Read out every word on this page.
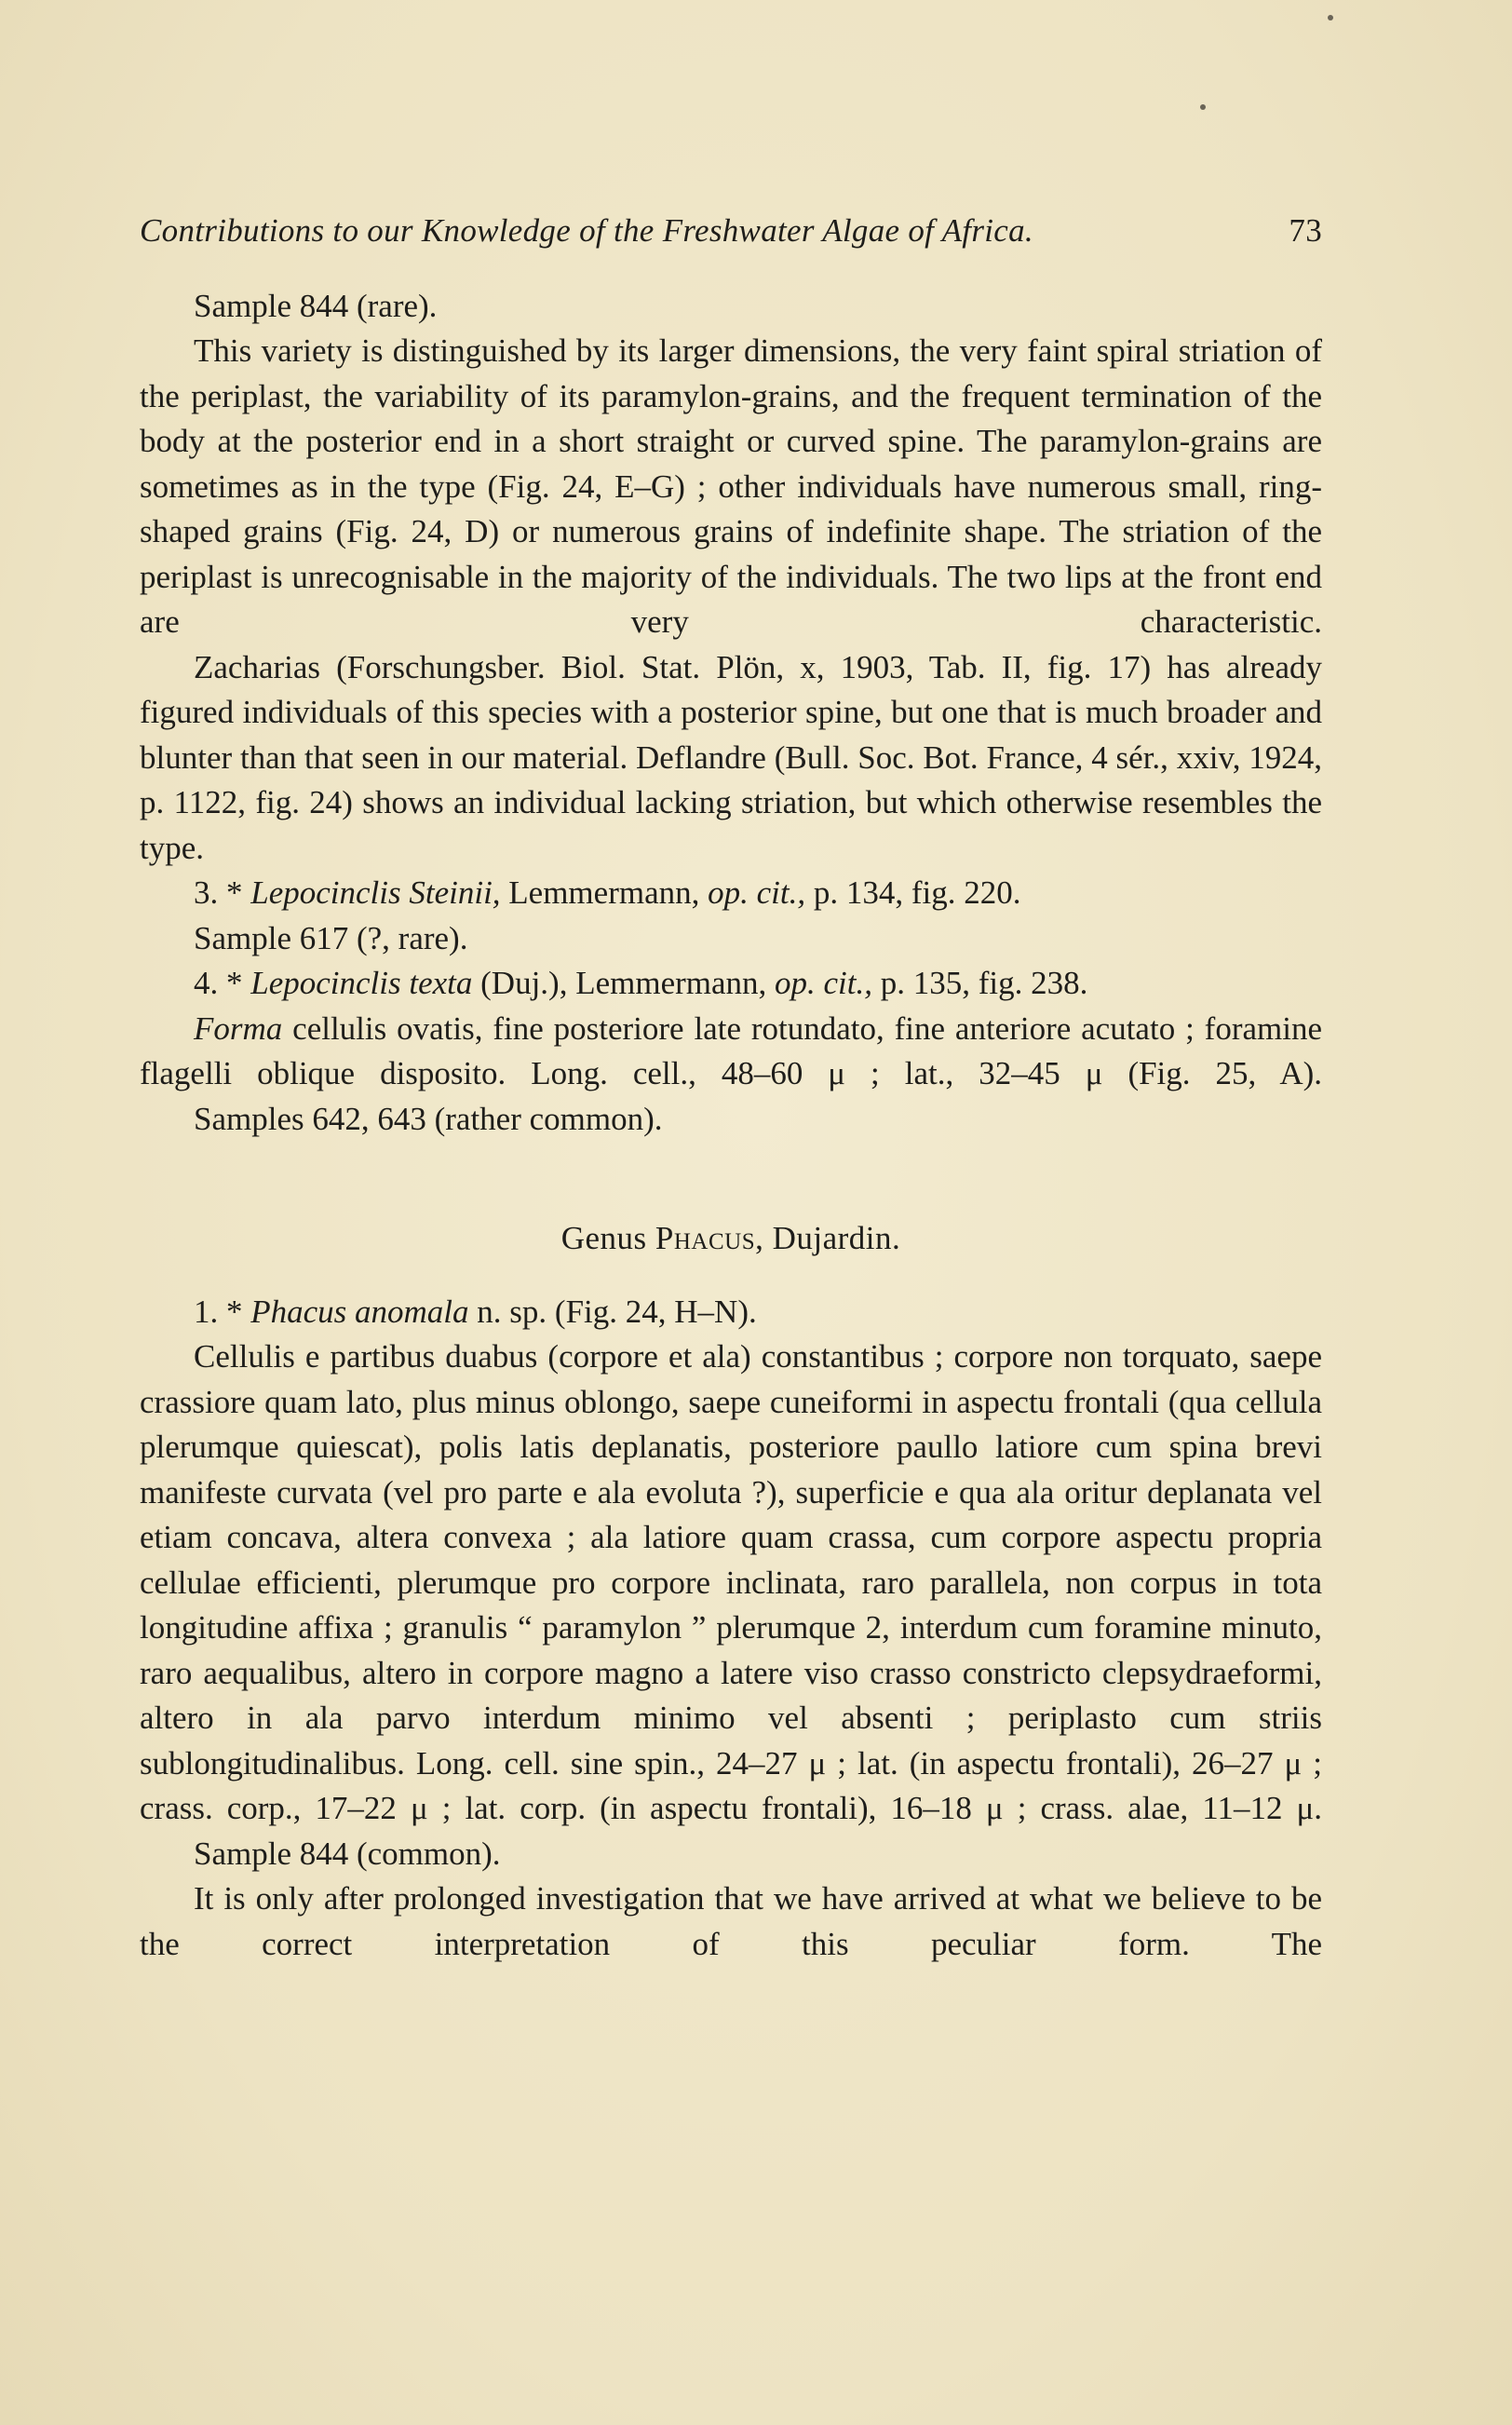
Contributions to our Knowledge of the Freshwater Algae of Africa.	73

Sample 844 (rare).

This variety is distinguished by its larger dimensions, the very faint spiral striation of the periplast, the variability of its paramylon-grains, and the frequent termination of the body at the posterior end in a short straight or curved spine. The paramylon-grains are sometimes as in the type (Fig. 24, E–G) ; other individuals have numerous small, ring-shaped grains (Fig. 24, D) or numerous grains of indefinite shape. The striation of the periplast is unrecognisable in the majority of the individuals. The two lips at the front end are very characteristic.

Zacharias (Forschungsber. Biol. Stat. Plön, x, 1903, Tab. II, fig. 17) has already figured individuals of this species with a posterior spine, but one that is much broader and blunter than that seen in our material. Deflandre (Bull. Soc. Bot. France, 4 sér., xxiv, 1924, p. 1122, fig. 24) shows an individual lacking striation, but which otherwise resembles the type.

3. * Lepocinclis Steinii, Lemmermann, op. cit., p. 134, fig. 220.

Sample 617 (?, rare).

4. * Lepocinclis texta (Duj.), Lemmermann, op. cit., p. 135, fig. 238.

Forma cellulis ovatis, fine posteriore late rotundato, fine anteriore acutato ; foramine flagelli oblique disposito. Long. cell., 48–60 μ ; lat., 32–45 μ (Fig. 25, A).

Samples 642, 643 (rather common).

Genus Phacus, Dujardin.

1. * Phacus anomala n. sp. (Fig. 24, H–N).

Cellulis e partibus duabus (corpore et ala) constantibus ; corpore non torquato, saepe crassiore quam lato, plus minus oblongo, saepe cuneiformi in aspectu frontali (qua cellula plerumque quiescat), polis latis deplanatis, posteriore paullo latiore cum spina brevi manifeste curvata (vel pro parte e ala evoluta ?), superficie e qua ala oritur deplanata vel etiam concava, altera convexa ; ala latiore quam crassa, cum corpore aspectu propria cellulae efficienti, plerumque pro corpore inclinata, raro parallela, non corpus in tota longitudine affixa ; granulis “ paramylon ” plerumque 2, interdum cum foramine minuto, raro aequalibus, altero in corpore magno a latere viso crasso constricto clepsydraeformi, altero in ala parvo interdum minimo vel absenti ; periplasto cum striis sublongitudinalibus. Long. cell. sine spin., 24–27 μ ; lat. (in aspectu frontali), 26–27 μ ; crass. corp., 17–22 μ ; lat. corp. (in aspectu frontali), 16–18 μ ; crass. alae, 11–12 μ.

Sample 844 (common).

It is only after prolonged investigation that we have arrived at what we believe to be the correct interpretation of this peculiar form. The
